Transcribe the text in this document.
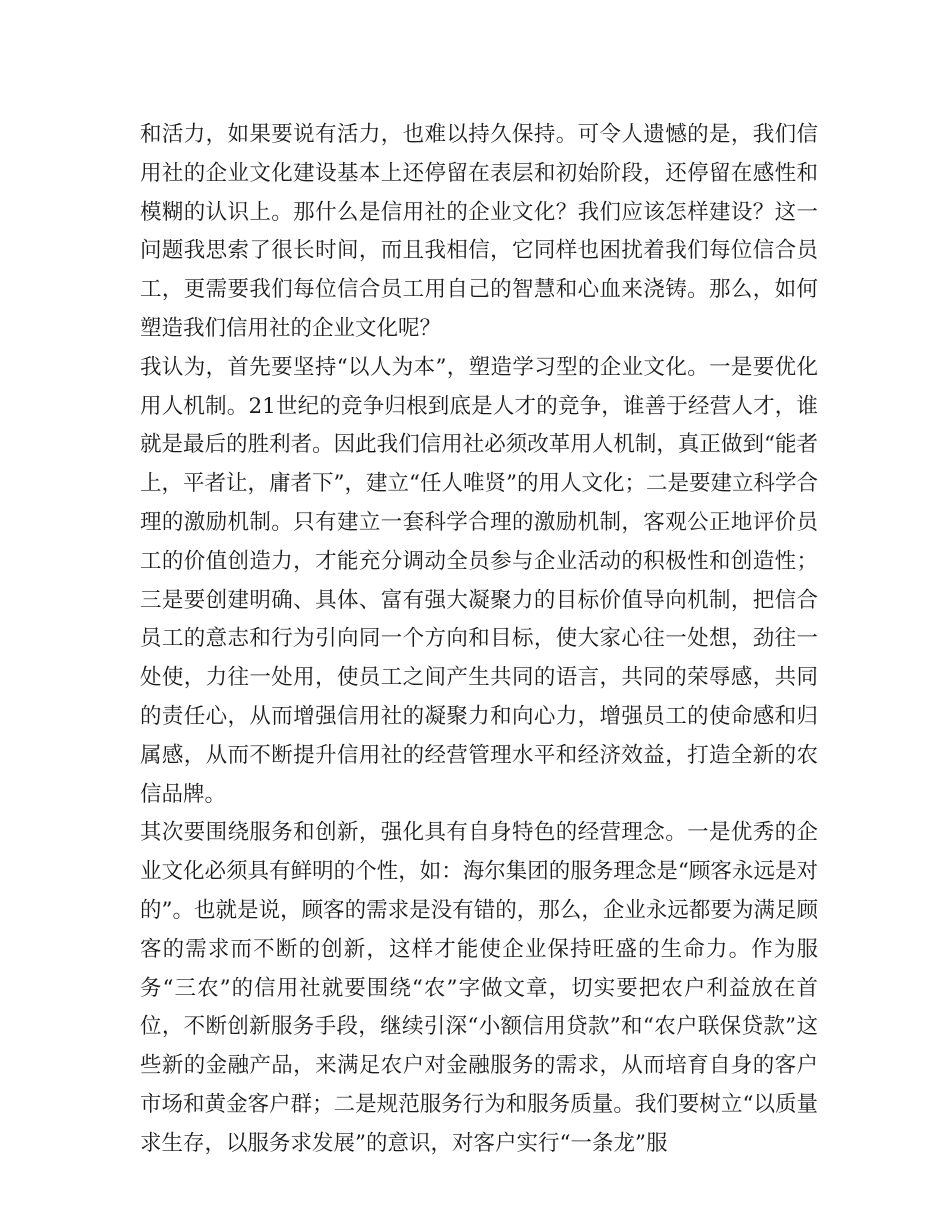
和活力，如果要说有活力，也难以持久保持。可令人遗憾的是，我们信用社的企业文化建设基本上还停留在表层和初始阶段，还停留在感性和模糊的认识上。那什么是信用社的企业文化？我们应该怎样建设？这一问题我思索了很长时间，而且我相信，它同样也困扰着我们每位信合员工，更需要我们每位信合员工用自己的智慧和心血来浇铸。那么，如何塑造我们信用社的企业文化呢？

我认为，首先要坚持“以人为本”，塑造学习型的企业文化。一是要优化用人机制。21世纪的竞争归根到底是人才的竞争，谁善于经营人才，谁就是最后的胜利者。因此我们信用社必须改革用人机制，真正做到“能者上，平者让，庸者下”，建立“任人唯贤”的用人文化；二是要建立科学合理的激励机制。只有建立一套科学合理的激励机制，客观公正地评价员工的价值创造力，才能充分调动全员参与企业活动的积极性和创造性；三是要创建明确、具体、富有强大凝聚力的目标价值导向机制，把信合员工的意志和行为引向同一个方向和目标，使大家心往一处想，劲往一处使，力往一处用，使员工之间产生共同的语言，共同的荣辱感，共同的责任心，从而增强信用社的凝聚力和向心力，增强员工的使命感和归属感，从而不断提升信用社的经营管理水平和经济效益，打造全新的农信品牌。

其次要围绕服务和创新，强化具有自身特色的经营理念。一是优秀的企业文化必须具有鲜明的个性，如：海尔集团的服务理念是“顾客永远是对的”。也就是说，顾客的需求是没有错的，那么，企业永远都要为满足顾客的需求而不断的创新，这样才能使企业保持旺盛的生命力。作为服务“三农”的信用社就要围绕“农”字做文章，切实要把农户利益放在首位，不断创新服务手段，继续引深“小额信用贷款”和“农户联保贷款”这些新的金融产品，来满足农户对金融服务的需求，从而培育自身的客户市场和黄金客户群；二是规范服务行为和服务质量。我们要树立“以质量求生存，以服务求发展”的意识，对客户实行“一条龙”服
